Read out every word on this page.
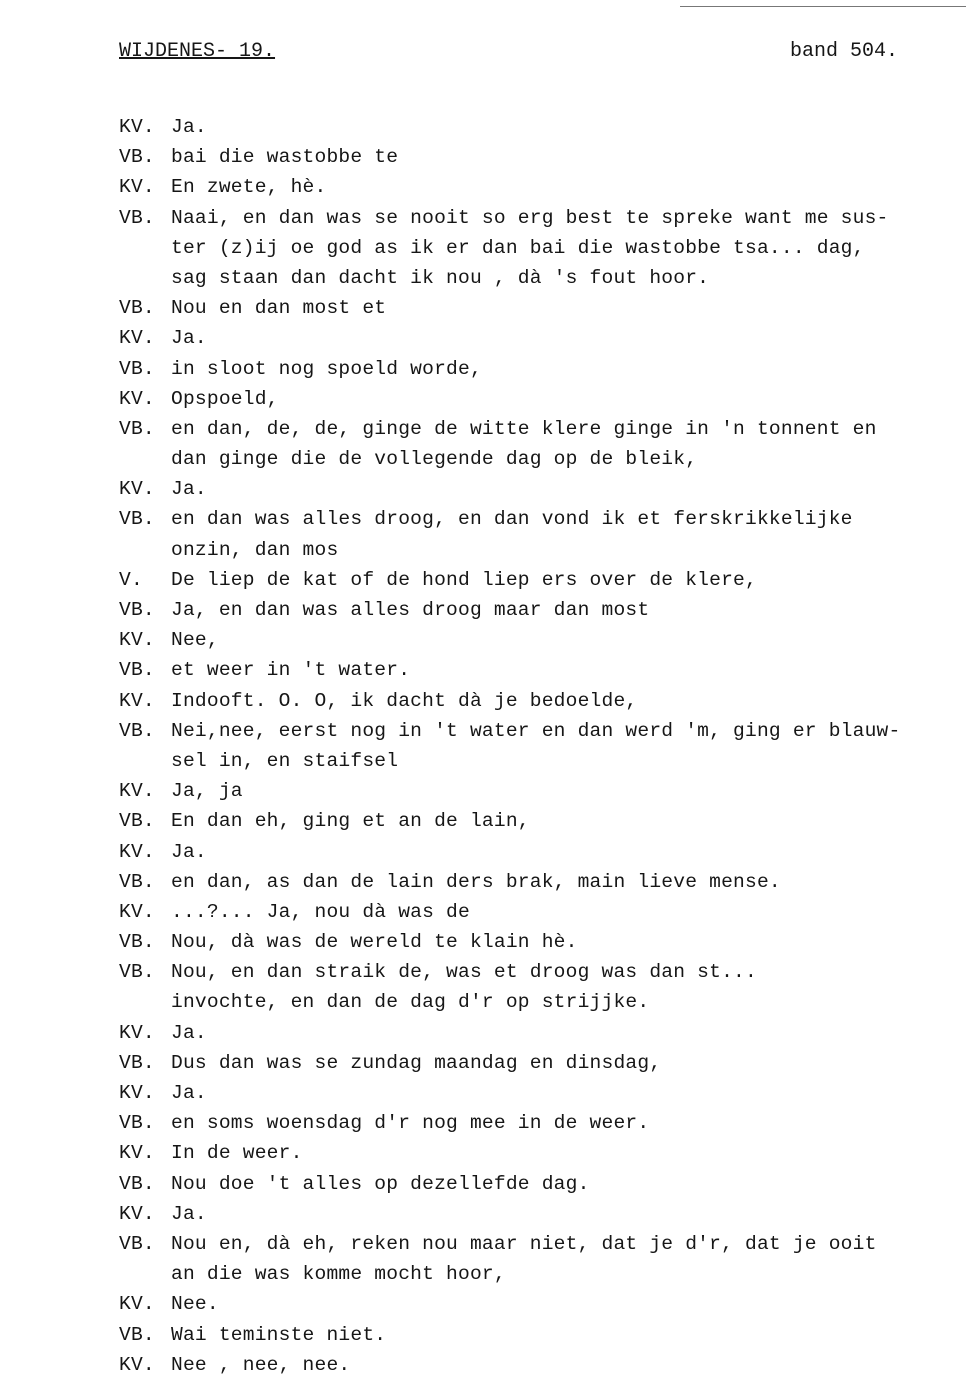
WIJDENES- 19.	band 504.
KV. Ja.
VB. bai die wastobbe te
KV. En zwete, hè.
VB. Naai, en dan was se nooit so erg best te spreke want me sus-
ter (z)ij oe god as ik er dan bai die wastobbe tsa... dag,
sag staan dan dacht ik nou , dà 's fout hoor.
VB. Nou en dan most et
KV. Ja.
VB. in sloot nog spoeld worde,
KV. Opspoeld,
VB. en dan, de, de, ginge de witte klere ginge in 'n tonnent en
dan ginge die de vollegende dag op de bleik,
KV. Ja.
VB. en dan was alles droog, en dan vond ik et ferskrikkelijke
onzin, dan mos
V. De liep de kat of de hond liep ers over de klere,
VB. Ja, en dan was alles droog maar dan most
KV. Nee,
VB. et weer in 't water.
KV. Indooft. O. O, ik dacht dà je bedoelde,
VB. Nei,nee, eerst nog in 't water en dan werd 'm, ging er blauw-
sel in, en staifsel
KV. Ja, ja
VB. En dan eh, ging et an de lain,
KV. Ja.
VB. en dan, as dan de lain ders brak, main lieve mense.
KV. ...?... Ja, nou dà was de
VB. Nou, dà was de wereld te klain hè.
VB. Nou, en dan straik de, was et droog was dan st...
invochte, en dan de dag d'r op strijjke.
KV. Ja.
VB. Dus dan was se zundag maandag en dinsdag,
KV. Ja.
VB. en soms woensdag d'r nog mee in de weer.
KV. In de weer.
VB. Nou doe 't alles op dezellefde dag.
KV. Ja.
VB. Nou en, dà eh, reken nou maar niet, dat je d'r, dat je ooit
an die was komme mocht hoor,
KV. Nee.
VB. Wai teminste niet.
KV. Nee , nee, nee.
